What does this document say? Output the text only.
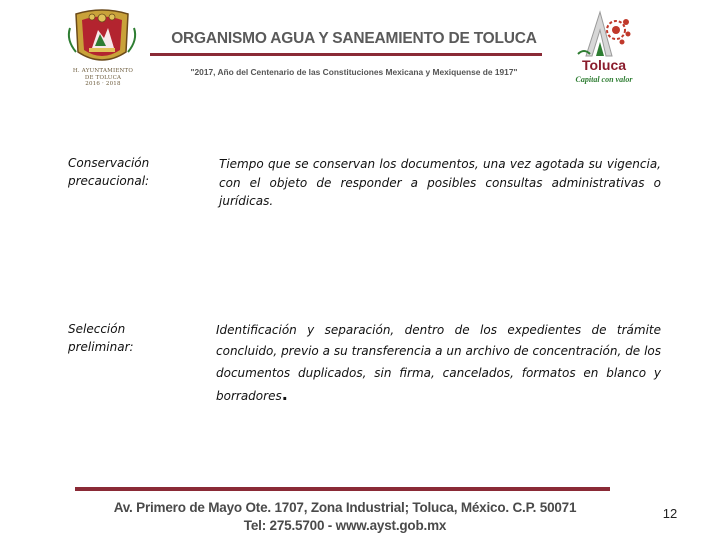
H. AYUNTAMIENTO
DE TOLUCA
2016 · 2018
ORGANISMO AGUA Y SANEAMIENTO DE TOLUCA
"2017, Año del Centenario de las Constituciones Mexicana y Mexiquense de 1917"	Toluca
Capital con valor
Conservación
precaucional:
Tiempo que se conservan los documentos, una vez agotada su vigencia, con el objeto de responder a posibles consultas administrativas o jurídicas.
Selección
preliminar:
Identificación y separación, dentro de los expedientes de trámite concluido, previo a su transferencia a un archivo de concentración, de los documentos duplicados, sin firma, cancelados, formatos en blanco y borradores.
Av. Primero de Mayo Ote. 1707, Zona Industrial; Toluca, México. C.P. 50071
Tel: 275.5700 - www.ayst.gob.mx
12
